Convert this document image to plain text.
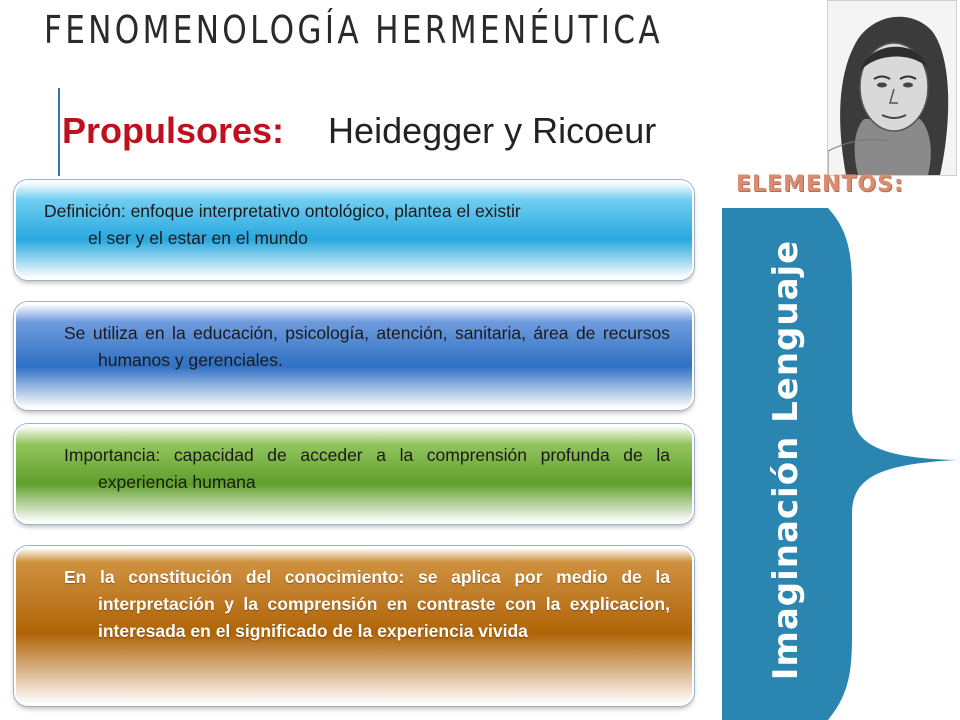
FENOMENOLOGÍA HERMENÉUTICA
Propulsores: Heidegger y Ricoeur
ELEMENTOS:

Definición: enfoque interpretativo ontológico, plantea el existir

el ser y el estar en el mundo

Se utiliza en la educación, psicología, atención, sanitaria, área de recursos humanos y gerenciales.

Importancia: capacidad de acceder a la comprensión profunda de la experiencia humana

En la constitución del conocimiento: se aplica por medio de la interpretación y la comprensión en contraste con la explicacion, interesada en el significado de la experiencia vivida	Imaginación Lenguaje
